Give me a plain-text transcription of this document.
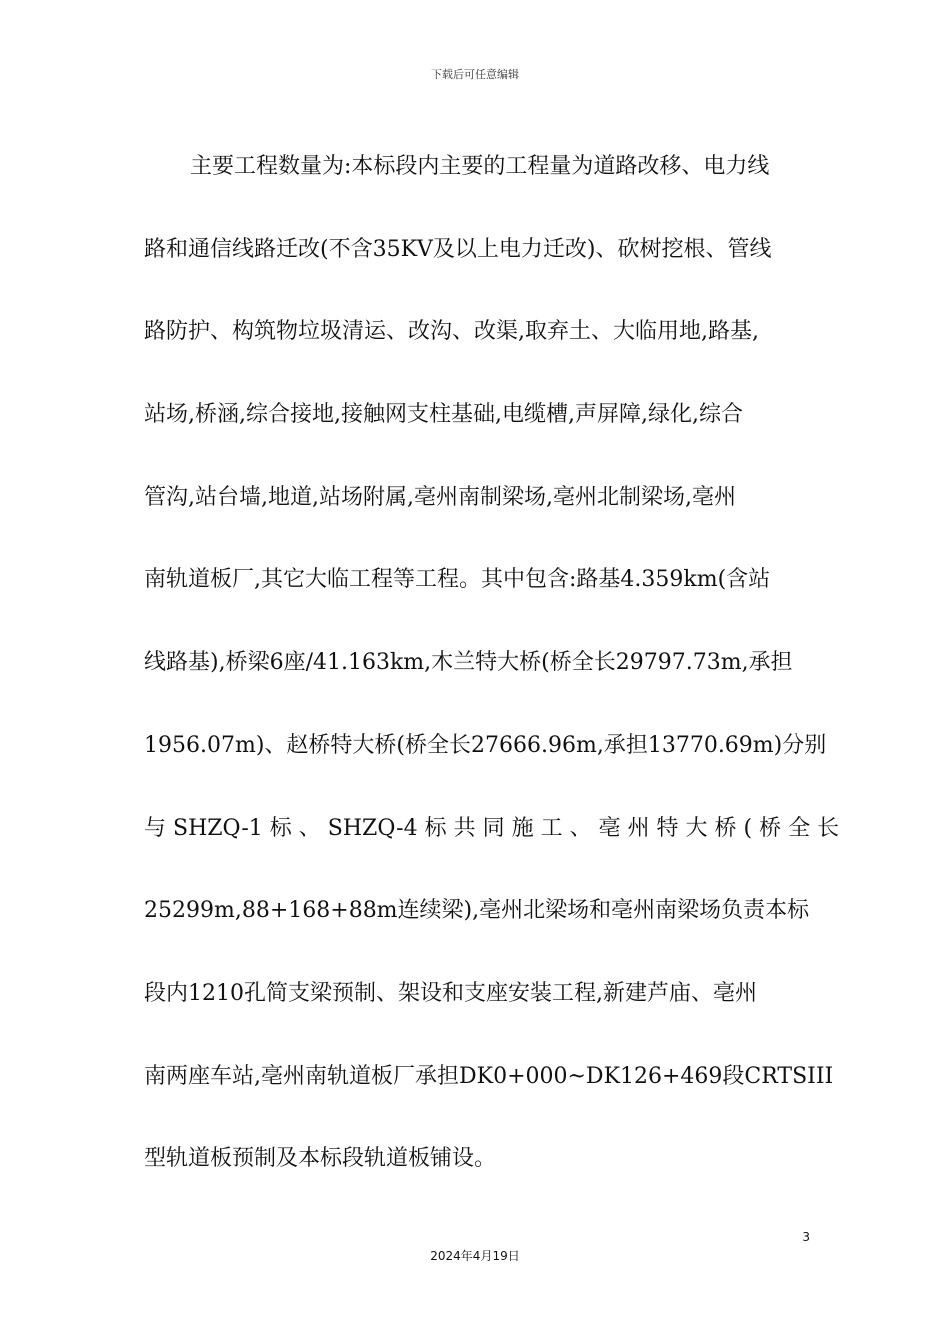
下载后可任意编辑
主要工程数量为:本标段内主要的工程量为道路改移、电力线
路和通信线路迁改(不含35KV及以上电力迁改)、砍树挖根、管线
路防护、构筑物垃圾清运、改沟、改渠,取弃土、大临用地,路基,
站场,桥涵,综合接地,接触网支柱基础,电缆槽,声屏障,绿化,综合
管沟,站台墙,地道,站场附属,亳州南制梁场,亳州北制梁场,亳州
南轨道板厂,其它大临工程等工程。其中包含:路基4.359km(含站
线路基),桥梁6座/41.163km,木兰特大桥(桥全长29797.73m,承担
1956.07m)、赵桥特大桥(桥全长27666.96m,承担13770.69m)分别
与 SHZQ-1 标 、 SHZQ-4 标 共 同 施 工 、 亳 州 特 大 桥 ( 桥 全 长
25299m,88+168+88m连续梁),亳州北梁场和亳州南梁场负责本标
段内1210孔简支梁预制、架设和支座安装工程,新建芦庙、亳州
南两座车站,亳州南轨道板厂承担DK0+000~DK126+469段CRTSIII
型轨道板预制及本标段轨道板铺设。
3
2024年4月19日
